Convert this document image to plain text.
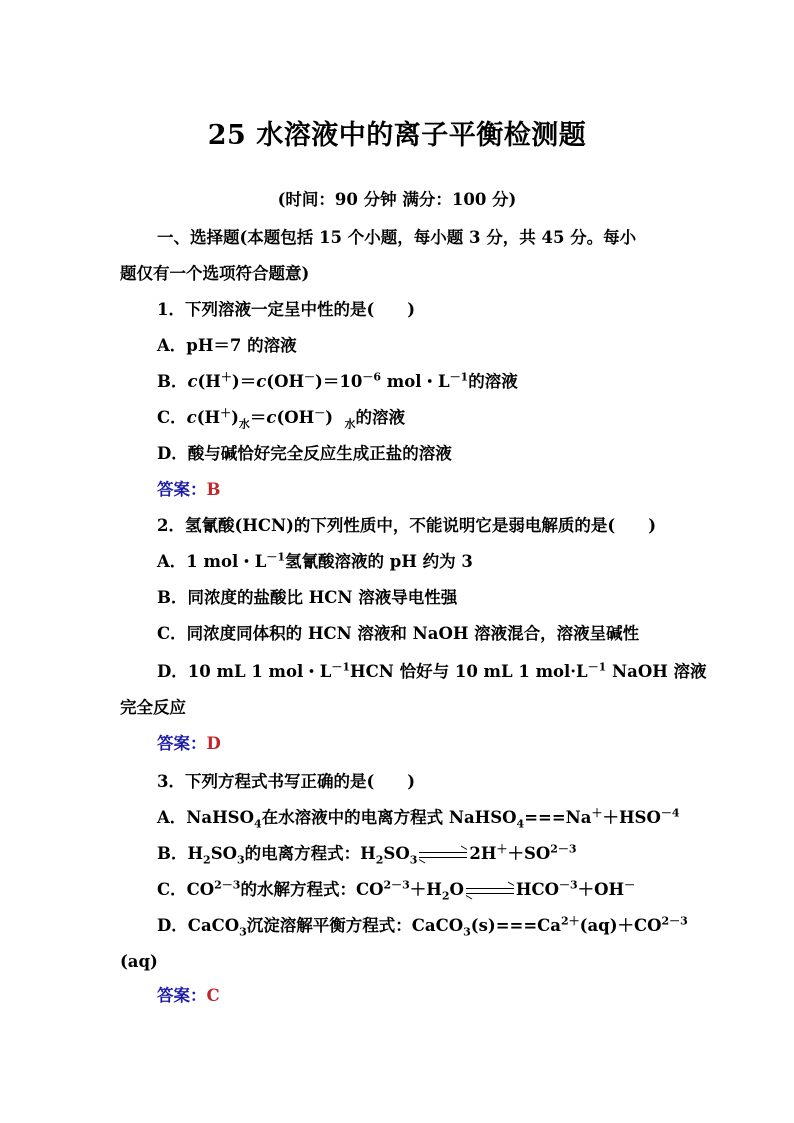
25 水溶液中的离子平衡检测题
(时间：90 分钟 满分：100 分)
一、选择题(本题包括 15 个小题，每小题 3 分，共 45 分。每小
题仅有一个选项符合题意)
1．下列溶液一定呈中性的是(　　)
A．pH＝7 的溶液
B．$c(H^+)=c(OH^-)=10^{-6}$ mol・$L^{-1}$的溶液
C．$c(H^+)_水=c(OH^-)$  $_水$的溶液
D．酸与碱恰好完全反应生成正盐的溶液
答案：B
2．氢氰酸(HCN)的下列性质中，不能说明它是弱电解质的是(　　)
A．1 mol・$L^{-1}$氢氰酸溶液的 pH 约为 3
B．同浓度的盐酸比 HCN 溶液导电性强
C．同浓度同体积的 HCN 溶液和 NaOH 溶液混合，溶液呈碱性
D．10 mL 1 mol・$L^{-1}HCN$ 恰好与 10 mL 1 $mol\cdot L^{-1}$ NaOH 溶液
完全反应
答案：D
3．下列方程式书写正确的是(　　)
A．NaHSO$_4$在水溶液中的电离方程式 $NaHSO_4===Na^++HSO^{-4}$
B．$H_2SO_3$的电离方程式：$H_2SO_3$	$2H^++SO^{2-3}$
C．$CO^{2-3}$的水解方程式：$CO^{2-3}+H_2O$	$HCO^{-3}+OH^-$
D．CaCO$_3$沉淀溶解平衡方程式：$CaCO_3(s)===Ca^{2+}(aq)+CO^{2-3}$
(aq)
答案：C
